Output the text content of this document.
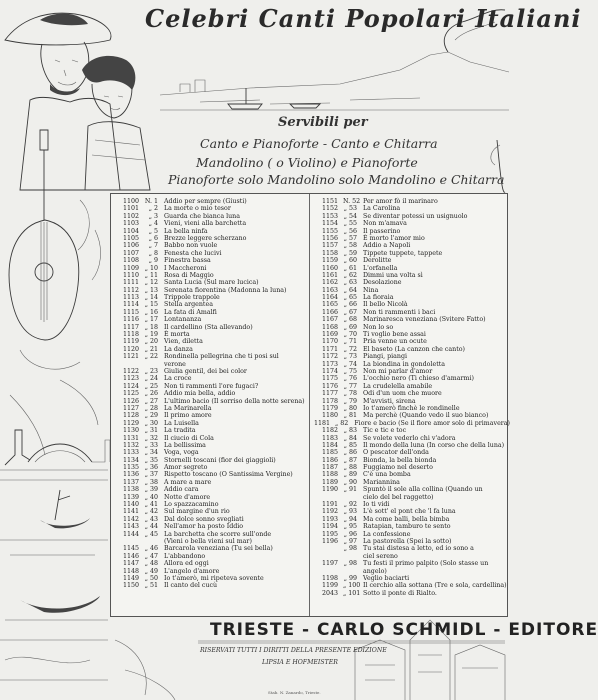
Celebri Canti Popolari Italiani
Servibili per
Canto e Pianoforte - Canto e Chitarra
Mandolino ( o Violino) e Pianoforte
Pianoforte solo Mandolino solo Mandolino e Chitarra
1100 N. 1 Addio per sempre (Giusti)
1101	„ 2 La morte o mio tesor
1102	„ 3 Guarda che bianca luna
1103	„ 4 Vieni, vieni alla barchetta
1104	„ 5 La bella ninfa
1105	„ 6 Brezze leggere scherzano
1106	„ 7 Babbo non vuole
1107	„ 8 Fenesta che lucivi
1108	„ 9 Finestra bassa
1109 „ 10 I Maccheroni
1110 „ 11 Rosa di Maggio
1111 „ 12 Santa Lucia (Sul mare lucica)
1112 „ 13 Serenata fiorentina (Madonna la luna)
1113 „ 14 Trippole trappole
1114 „ 15 Stella argentea
1115 „ 16 La fata di Amalfi
1116 „ 17 Lontananza
1117 „ 18 Il cardellino (Sta allevando)
1118 „ 19 È morta
1119 „ 20 Vien, diletta
1120 „ 21 La danza
1121 „ 22 Rondinella pellegrina che ti posi sul
verone
1122 „ 23 Giulia gentil, dei bei color
1123 „ 24 La croce
1124 „ 25 Non ti rammenti l'ore fugaci?
1125 „ 26 Addio mia bella, addio
1126 „ 27 L'ultimo bacio (Il sorriso della notte serena)
1127 „ 28 La Marinarella
1128 „ 29 Il primo amore
1129 „ 30 La Luisella
1130 „ 31 La tradita
1131 „ 32 Il ciucio di Cola
1132 „ 33 La bellissima
1133 „ 34 Voga, voga
1134 „ 35 Stornelli toscani (fior dei giaggioli)
1135 „ 36 Amor segreto
1136 „ 37 Rispetto toscano (O Santissima Vergine)
1137 „ 38 A mare a mare
1138 „ 39 Addio cara
1139 „ 40 Notte d'amore
1140 „ 41 Lo spazzacamino
1141 „ 42 Sul margine d'un rio
1142 „ 43 Dal dolce sonno svegliati
1143 „ 44 Nell'amor ha posto Iddio
1144 „ 45 La barchetta che scorre sull'onde
(Vieni o bella vieni sul mar)
1145 „ 46 Barcarola veneziana (Tu sei bella)
1146 „ 47 L'abbandono
1147 „ 48 Allora ed oggi
1148 „ 49 L'angelo d'amore
1149 „ 50 Io t'amerò, mi ripeteva sovente
1150 „ 51 Il canto del cucù
1151 N. 52 Per amor fò il marinaro
1152 „ 53 La Carolina
1153 „ 54 Se diventar potessi un usignuolo
1154 „ 55 Non m'amava
1155 „ 56 Il passerino
1156 „ 57 È morto l'amor mio
1157 „ 58 Addio a Napoli
1158 „ 59 Tippete tuppete, tappete
1159 „ 60 Derolitte
1160 „ 61 L'orfanella
1161 „ 62 Dimmi una volta sì
1162 „ 63 Desolazione
1163 „ 64 Nina
1164 „ 65 La fioraia
1165 „ 66 Il bello Nicolà
1166 „ 67 Non ti rammenti i baci
1167 „ 68 Marinaresca veneziana (Svitere Fatto)
1168 „ 69 Non lo so
1169 „ 70 Ti voglio bene assai
1170 „ 71 Pria venne un ocute
1171 „ 72 El baseto (La canzon che canto)
1172 „ 73 Piangi, piangi
1173 „ 74 La biondina in gondoletta
1174 „ 75 Non mi parlar d'amor
1175 „ 76 L'occhio nero (Ti chieso d'amarmi)
1176 „ 77 La crudelella amabile
1177 „ 78 Odi d'un uom che muore
1178 „ 79 M'avvisti, sirena
1179 „ 80 Io t'amerò finchè le rondinelle
1180 „ 81 Ma perchè (Quando vedo il suo bianco)
1181 „ 82 Fiore e bacio (Se il fiore amor solo di primavera)
1182 „ 83 Tic e tic e toc
1183 „ 84 Se volete vederlo chi v'adora
1184 „ 85 Il mondo della luna (In corso che della luna)
1185 „ 86 O pescator dell'onda
1186 „ 87 Bionda, la bella bionda
1187 „ 88 Fuggiamo nel deserto
1188 „ 89 C'è una bomba
1189 „ 90 Mariannina
1190 „ 91 Spuntò il sole alla collina (Quando un
cielo del bel raggetto)
1191 „ 92 Io ti vidi
1192 „ 93 L'è sott' el pont che 'l fa luna
1193 „ 94 Ma come balli, bella bimba
1194 „ 95 Ratapian, tamburo te sento
1195 „ 96 La confessione
1196 „ 97 La pastorella (Spei la sotto)
„ 98 Tu stai distesa a letto, ed io sono a
ciel sereno
1197 „ 98 Tu festi il primo palpito (Solo stasse un
angelo)
1198 „ 99 Veglio baciarti
1199 „ 100 Il cerchio alla sottana (Tre e sola, cardellina)
2043 „ 101 Sotto il ponte di Rialto.
TRIESTE - CARLO SCHMIDL - EDITORE
RISERVATI TUTTI I DIRITTI DELLA PRESENTE EDIZIONE
LIPSIA E HOFMEISTER
Stab. N. Zanardo, Trieste.
